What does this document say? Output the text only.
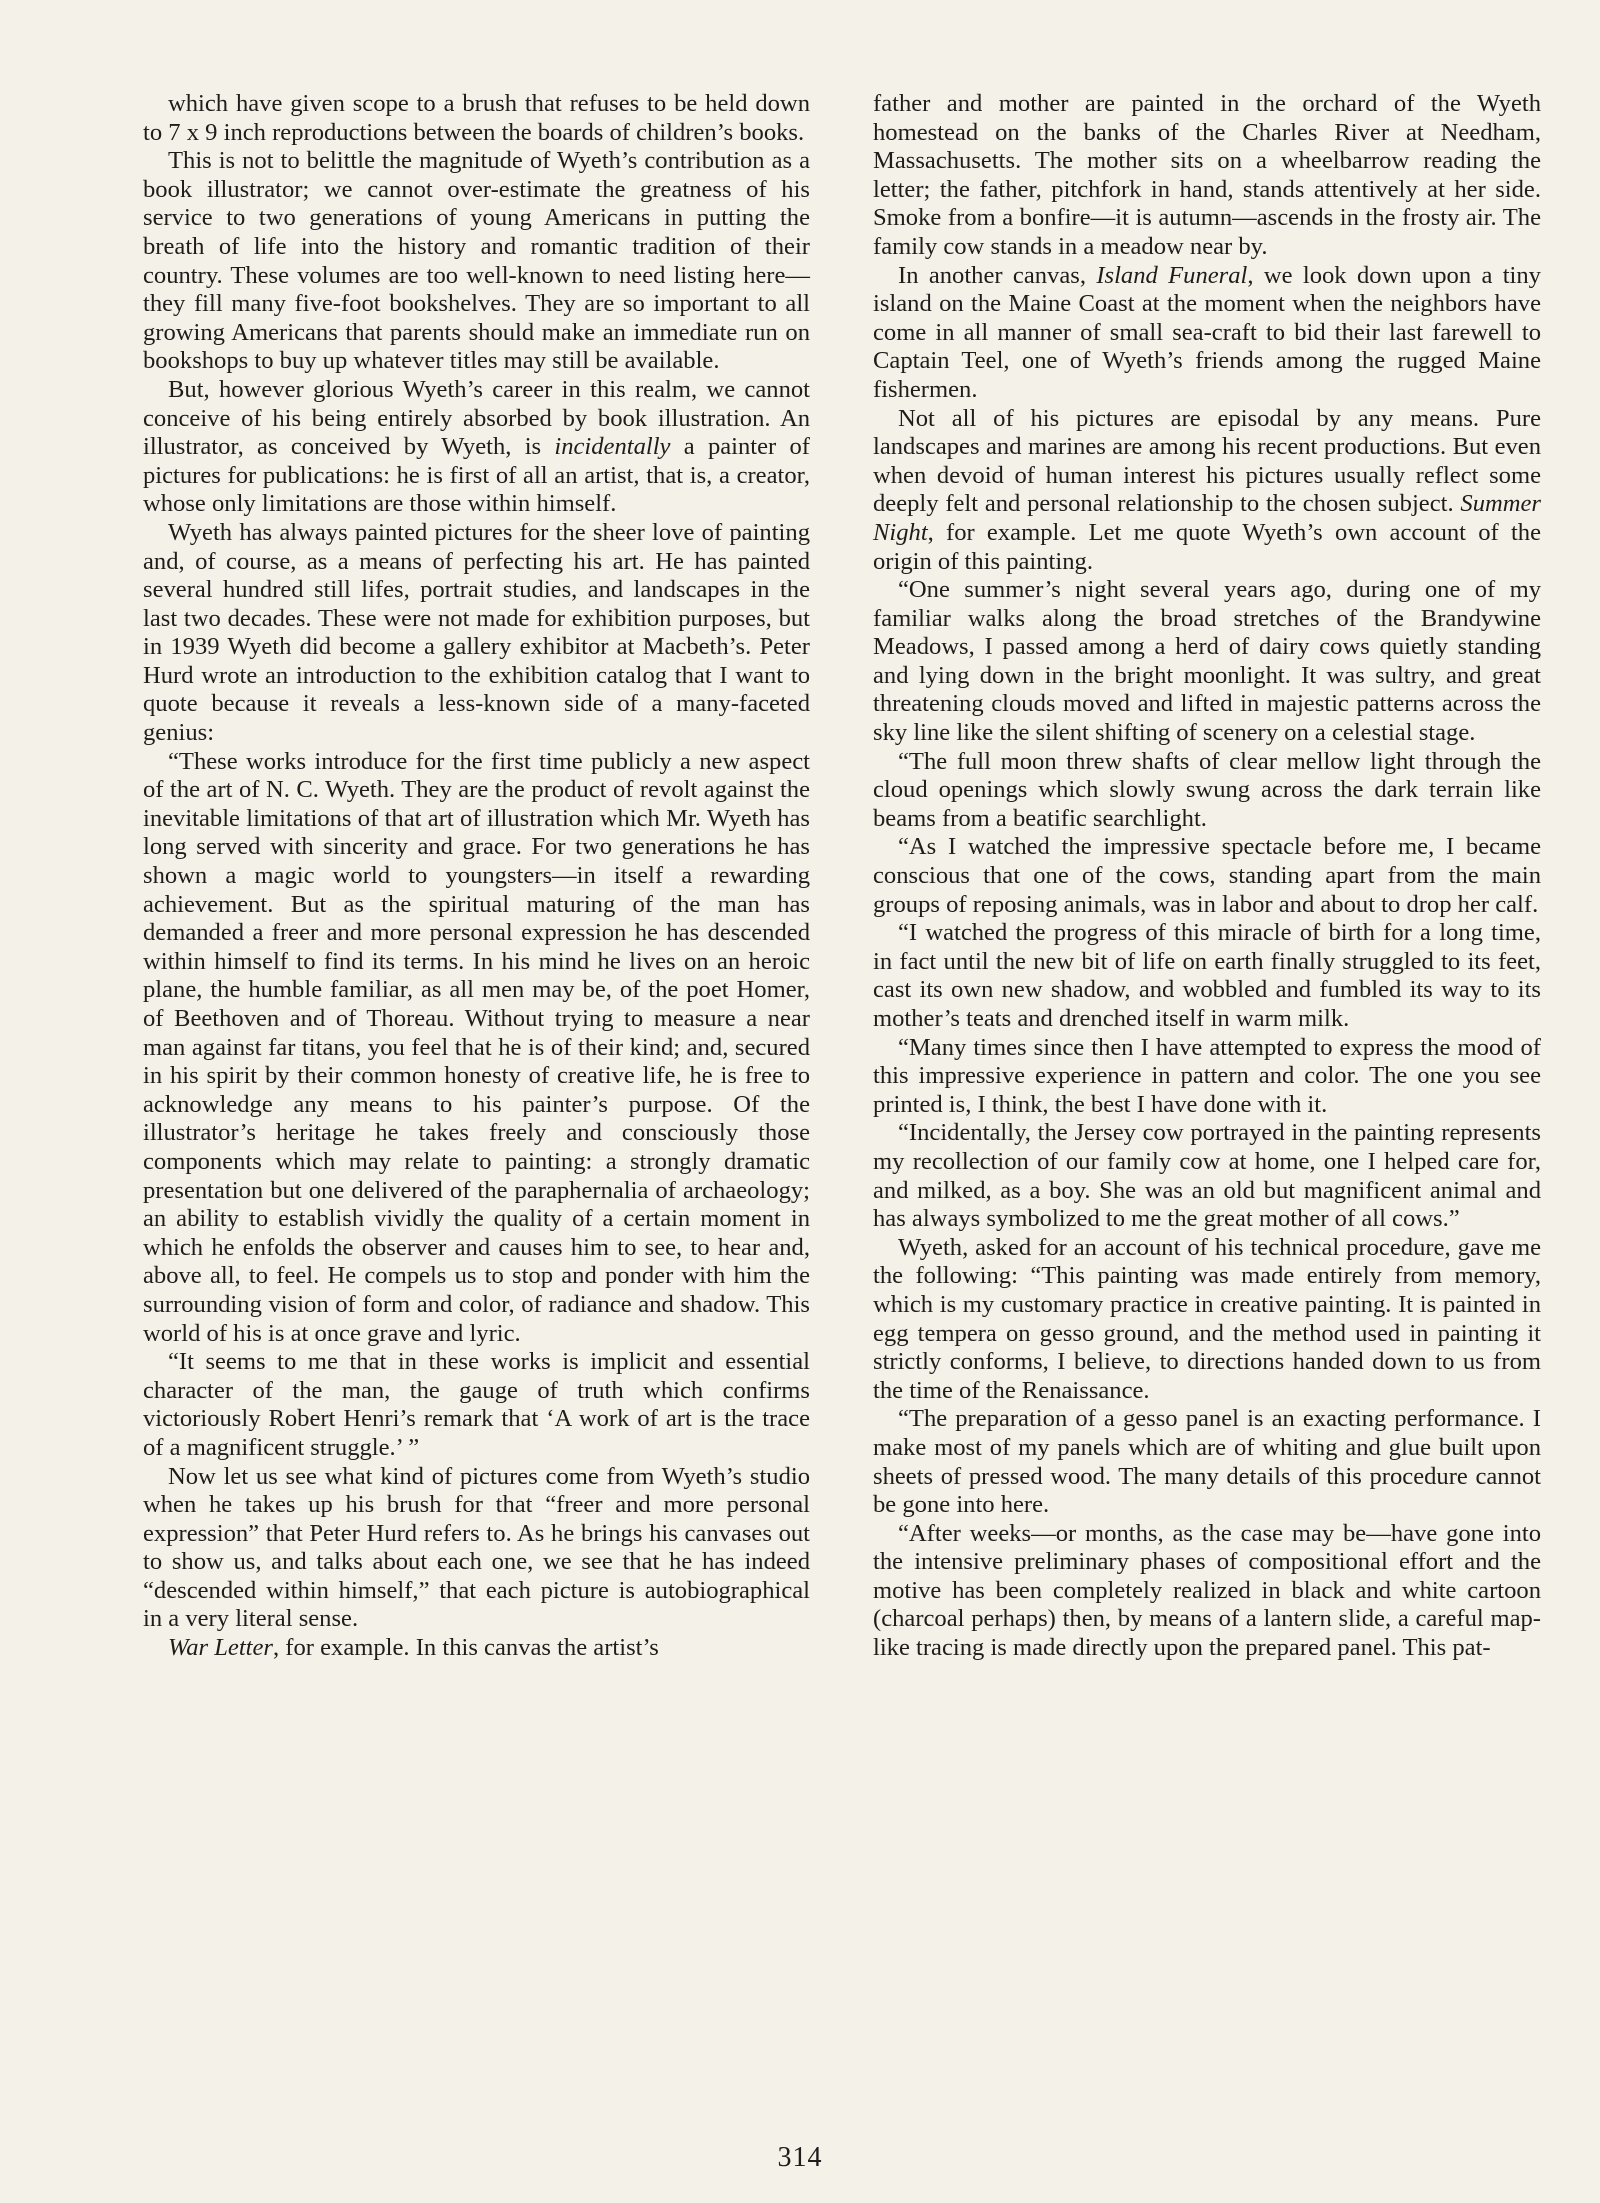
which have given scope to a brush that refuses to be held down to 7 x 9 inch reproductions between the boards of children’s books.

This is not to belittle the magnitude of Wyeth’s contribution as a book illustrator; we cannot over-estimate the greatness of his service to two generations of young Americans in putting the breath of life into the history and romantic tradition of their country. These volumes are too well-known to need listing here—they fill many five-foot bookshelves. They are so important to all growing Americans that parents should make an immediate run on bookshops to buy up whatever titles may still be available.

But, however glorious Wyeth’s career in this realm, we cannot conceive of his being entirely absorbed by book illustration. An illustrator, as conceived by Wyeth, is incidentally a painter of pictures for publications: he is first of all an artist, that is, a creator, whose only limitations are those within himself.

Wyeth has always painted pictures for the sheer love of painting and, of course, as a means of perfecting his art. He has painted several hundred still lifes, portrait studies, and landscapes in the last two decades. These were not made for exhibition purposes, but in 1939 Wyeth did become a gallery exhibitor at Macbeth’s. Peter Hurd wrote an introduction to the exhibition catalog that I want to quote because it reveals a less-known side of a many-faceted genius:

“These works introduce for the first time publicly a new aspect of the art of N. C. Wyeth. They are the product of revolt against the inevitable limitations of that art of illustration which Mr. Wyeth has long served with sincerity and grace. For two generations he has shown a magic world to youngsters—in itself a rewarding achievement. But as the spiritual maturing of the man has demanded a freer and more personal expression he has descended within himself to find its terms. In his mind he lives on an heroic plane, the humble familiar, as all men may be, of the poet Homer, of Beethoven and of Thoreau. Without trying to measure a near man against far titans, you feel that he is of their kind; and, secured in his spirit by their common honesty of creative life, he is free to acknowledge any means to his painter’s purpose. Of the illustrator’s heritage he takes freely and consciously those components which may relate to painting: a strongly dramatic presentation but one delivered of the paraphernalia of archaeology; an ability to establish vividly the quality of a certain moment in which he enfolds the observer and causes him to see, to hear and, above all, to feel. He compels us to stop and ponder with him the surrounding vision of form and color, of radiance and shadow. This world of his is at once grave and lyric.

“It seems to me that in these works is implicit and essential character of the man, the gauge of truth which confirms victoriously Robert Henri’s remark that ‘A work of art is the trace of a magnificent struggle.’ ”

Now let us see what kind of pictures come from Wyeth’s studio when he takes up his brush for that “freer and more personal expression” that Peter Hurd refers to. As he brings his canvases out to show us, and talks about each one, we see that he has indeed “descended within himself,” that each picture is autobiographical in a very literal sense.

War Letter, for example. In this canvas the artist’s

father and mother are painted in the orchard of the Wyeth homestead on the banks of the Charles River at Needham, Massachusetts. The mother sits on a wheelbarrow reading the letter; the father, pitchfork in hand, stands attentively at her side. Smoke from a bonfire—it is autumn—ascends in the frosty air. The family cow stands in a meadow near by.

In another canvas, Island Funeral, we look down upon a tiny island on the Maine Coast at the moment when the neighbors have come in all manner of small sea-craft to bid their last farewell to Captain Teel, one of Wyeth’s friends among the rugged Maine fishermen.

Not all of his pictures are episodal by any means. Pure landscapes and marines are among his recent productions. But even when devoid of human interest his pictures usually reflect some deeply felt and personal relationship to the chosen subject. Summer Night, for example. Let me quote Wyeth’s own account of the origin of this painting.

“One summer’s night several years ago, during one of my familiar walks along the broad stretches of the Brandywine Meadows, I passed among a herd of dairy cows quietly standing and lying down in the bright moonlight. It was sultry, and great threatening clouds moved and lifted in majestic patterns across the sky line like the silent shifting of scenery on a celestial stage.

“The full moon threw shafts of clear mellow light through the cloud openings which slowly swung across the dark terrain like beams from a beatific searchlight.

“As I watched the impressive spectacle before me, I became conscious that one of the cows, standing apart from the main groups of reposing animals, was in labor and about to drop her calf.

“I watched the progress of this miracle of birth for a long time, in fact until the new bit of life on earth finally struggled to its feet, cast its own new shadow, and wobbled and fumbled its way to its mother’s teats and drenched itself in warm milk.

“Many times since then I have attempted to express the mood of this impressive experience in pattern and color. The one you see printed is, I think, the best I have done with it.

“Incidentally, the Jersey cow portrayed in the painting represents my recollection of our family cow at home, one I helped care for, and milked, as a boy. She was an old but magnificent animal and has always symbolized to me the great mother of all cows.”

Wyeth, asked for an account of his technical procedure, gave me the following: “This painting was made entirely from memory, which is my customary practice in creative painting. It is painted in egg tempera on gesso ground, and the method used in painting it strictly conforms, I believe, to directions handed down to us from the time of the Renaissance.

“The preparation of a gesso panel is an exacting performance. I make most of my panels which are of whiting and glue built upon sheets of pressed wood. The many details of this procedure cannot be gone into here.

“After weeks—or months, as the case may be—have gone into the intensive preliminary phases of compositional effort and the motive has been completely realized in black and white cartoon (charcoal perhaps) then, by means of a lantern slide, a careful map-like tracing is made directly upon the prepared panel. This pat-

314
